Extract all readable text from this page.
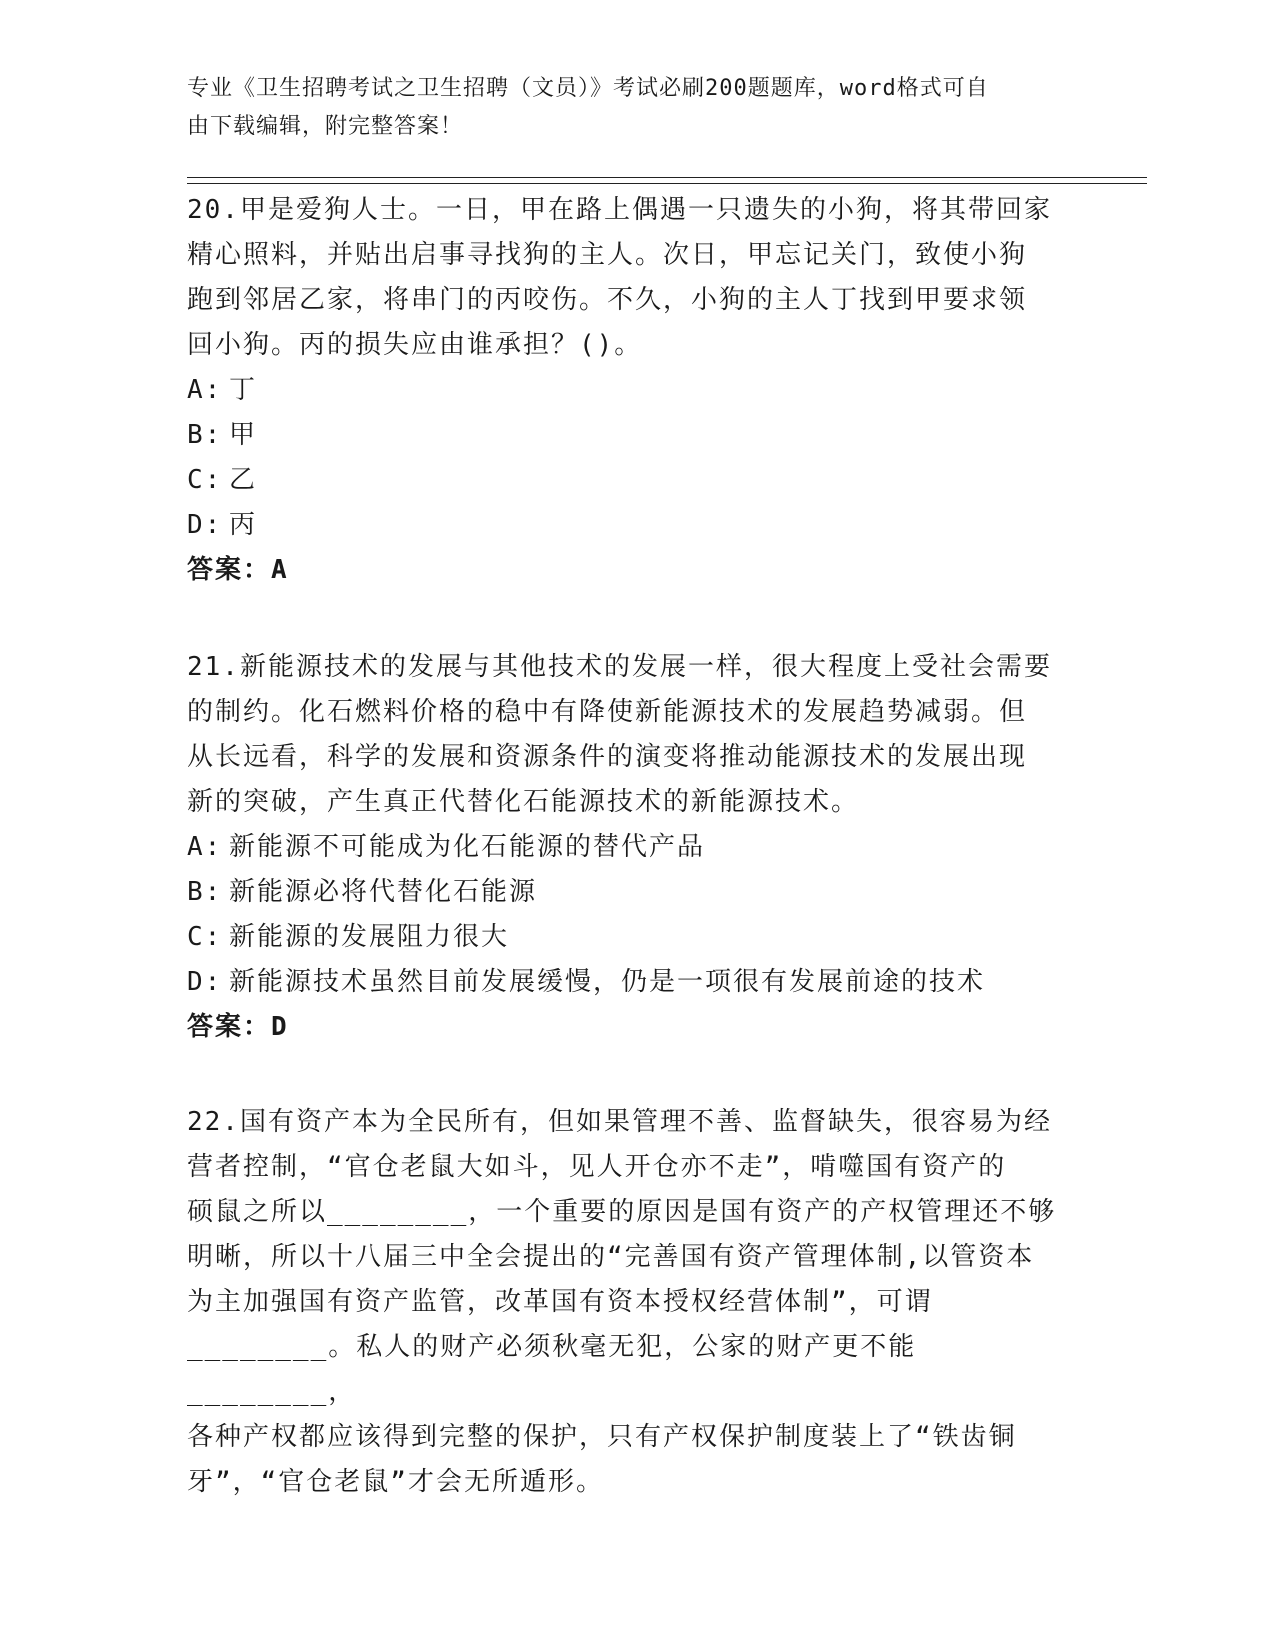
专业《卫生招聘考试之卫生招聘（文员）》考试必刷200题题库，word格式可自
由下载编辑，附完整答案！

20.甲是爱狗人士。一日，甲在路上偶遇一只遗失的小狗，将其带回家

精心照料，并贴出启事寻找狗的主人。次日，甲忘记关门，致使小狗

跑到邻居乙家，将串门的丙咬伤。不久，小狗的主人丁找到甲要求领

回小狗。丙的损失应由谁承担？()。

A: 丁

B: 甲

C: 乙

D: 丙

答案：A

21.新能源技术的发展与其他技术的发展一样，很大程度上受社会需要

的制约。化石燃料价格的稳中有降使新能源技术的发展趋势减弱。但

从长远看，科学的发展和资源条件的演变将推动能源技术的发展出现

新的突破，产生真正代替化石能源技术的新能源技术。

A: 新能源不可能成为化石能源的替代产品

B: 新能源必将代替化石能源

C: 新能源的发展阻力很大

D: 新能源技术虽然目前发展缓慢，仍是一项很有发展前途的技术

答案：D

22.国有资产本为全民所有，但如果管理不善、监督缺失，很容易为经

营者控制，“官仓老鼠大如斗，见人开仓亦不走”，啃噬国有资产的

硕鼠之所以________，一个重要的原因是国有资产的产权管理还不够

明晰，所以十八届三中全会提出的“完善国有资产管理体制,以管资本

为主加强国有资产监管，改革国有资本授权经营体制”，可谓

________。私人的财产必须秋毫无犯，公家的财产更不能________，

各种产权都应该得到完整的保护，只有产权保护制度装上了“铁齿铜

牙”，“官仓老鼠”才会无所遁形。
